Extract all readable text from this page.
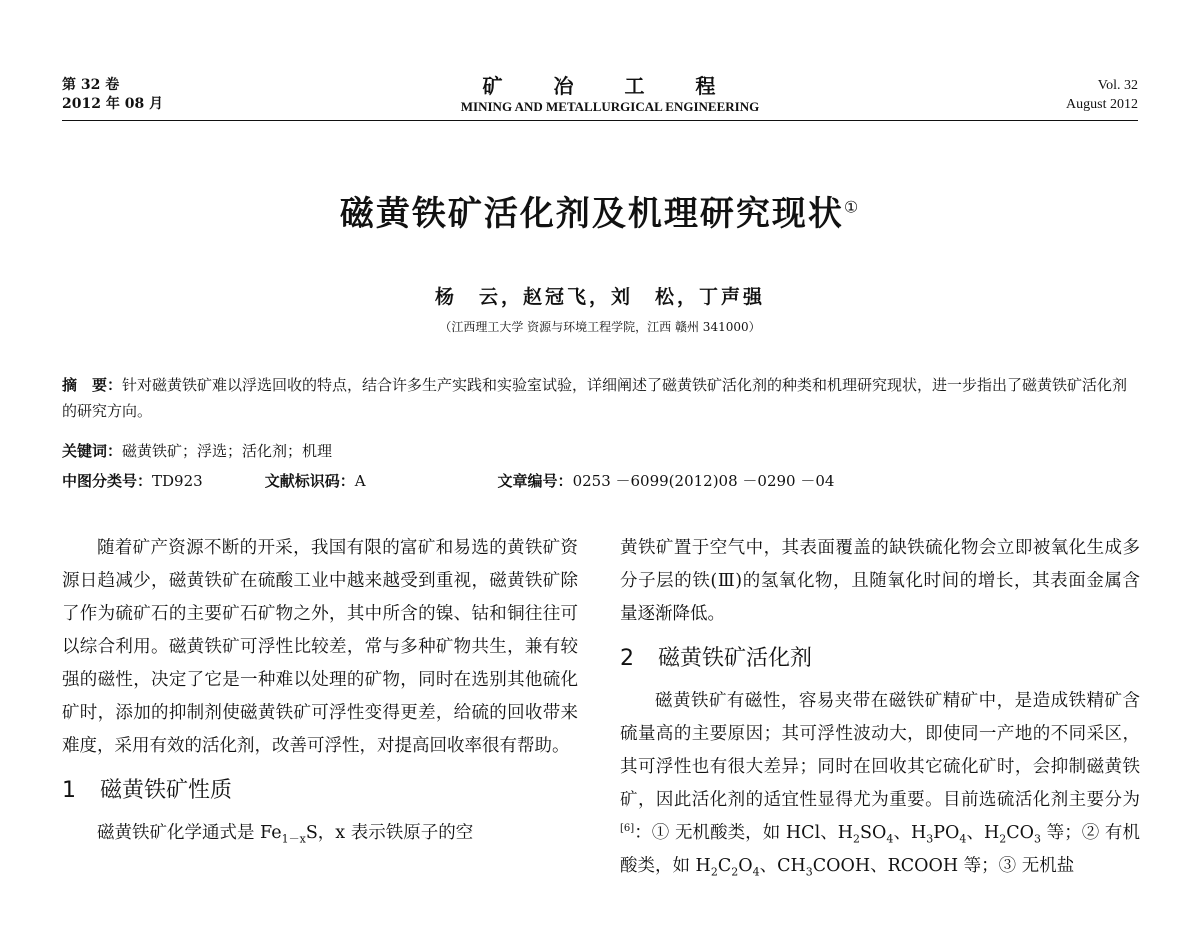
第 32 卷
2012 年 08 月
矿 冶 工 程
MINING AND METALLURGICAL ENGINEERING
Vol. 32
August 2012
磁黄铁矿活化剂及机理研究现状①
杨　云，赵冠飞，刘　松，丁声强
（江西理工大学 资源与环境工程学院，江西 赣州 341000）
摘　要：针对磁黄铁矿难以浮选回收的特点，结合许多生产实践和实验室试验，详细阐述了磁黄铁矿活化剂的种类和机理研究现状，进一步指出了磁黄铁矿活化剂的研究方向。
关键词：磁黄铁矿；浮选；活化剂；机理
中图分类号：TD923	文献标识码：A	文章编号：0253 －6099(2012)08 －0290 －04

随着矿产资源不断的开采，我国有限的富矿和易选的黄铁矿资源日趋减少，磁黄铁矿在硫酸工业中越来越受到重视，磁黄铁矿除了作为硫矿石的主要矿石矿物之外，其中所含的镍、钴和铜往往可以综合利用。磁黄铁矿可浮性比较差，常与多种矿物共生，兼有较强的磁性，决定了它是一种难以处理的矿物，同时在选别其他硫化矿时，添加的抑制剂使磁黄铁矿可浮性变得更差，给硫的回收带来难度，采用有效的活化剂，改善可浮性，对提高回收率很有帮助。

1 磁黄铁矿性质

磁黄铁矿化学通式是 $Fe_{1-x}S$，x 表示铁原子的空

黄铁矿置于空气中，其表面覆盖的缺铁硫化物会立即被氧化生成多分子层的铁(Ⅲ)的氢氧化物，且随氧化时间的增长，其表面金属含量逐渐降低。

2 磁黄铁矿活化剂

磁黄铁矿有磁性，容易夹带在磁铁矿精矿中，是造成铁精矿含硫量高的主要原因；其可浮性波动大，即使同一产地的不同采区，其可浮性也有很大差异；同时在回收其它硫化矿时，会抑制磁黄铁矿，因此活化剂的适宜性显得尤为重要。目前选硫活化剂主要分为[6]：① 无机酸类，如 HCl、$H_2SO_4$、$H_3PO_4$、$H_2CO_3$ 等；② 有机酸类，如 $H_2C_2O_4$、$CH_3COOH$、RCOOH 等；③ 无机盐
